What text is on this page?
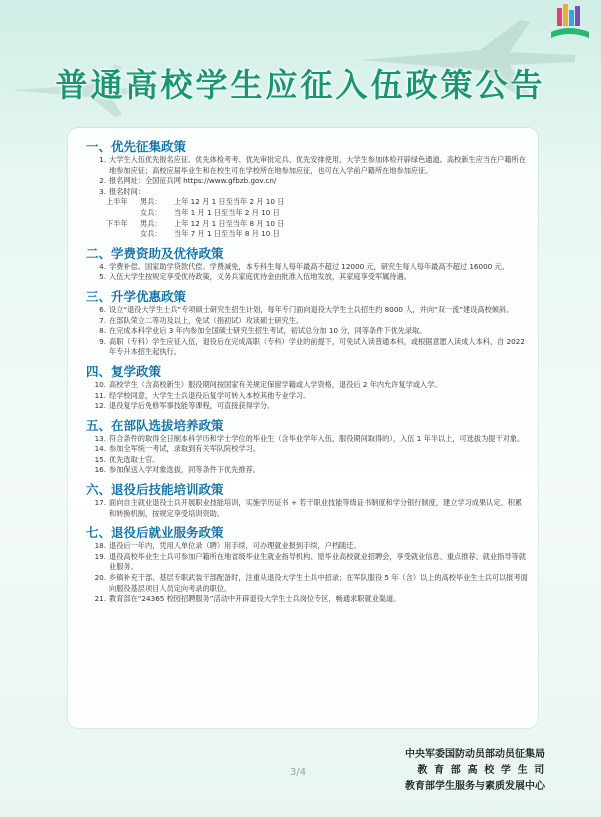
普通高校学生应征入伍政策公告
一、优先征集政策
1. 大学生入伍优先报名应征、优先体检考考、优先审批定兵、优先安排使用，大学生参加体检开辟绿色通道。高校新生应当在户籍所在地参加应征；高校应届毕业生和在校生可在学校所在地参加应征，也可在入学前户籍所在地参加应征。
2. 报名网址：全国征兵网 https://www.gfbzb.gov.cn/
3. 报名时间：
上半年	男兵：	上年 12 月 1 日至当年 2 月 10 日
女兵：	当年 1 月 1 日至当年 2 月 10 日
下半年	男兵：	上年 12 月 1 日至当年 8 月 10 日
女兵：	当年 7 月 1 日至当年 8 月 10 日
二、学费资助及优待政策
4. 学费补偿、国家助学贷款代偿、学费减免，本专科生每人每年最高不超过 12000 元，研究生每人每年最高不超过 16000 元。
5. 入伍大学生按规定享受优待政策，义务兵家庭优待金由批准入伍地发放，其家庭享受军属待遇。
三、升学优惠政策
6. 设立“退役大学生士兵”专项硕士研究生招生计划，每年专门面向退役大学生士兵招生约 8000 人，并向“双一流”建设高校倾斜。
7. 在部队荣立二等功及以上，免试（指初试）攻读硕士研究生。
8. 在完成本科学业后 3 年内参加全国硕士研究生招生考试，初试总分加 10 分，同等条件下优先录取。
9. 高职（专科）学生应征入伍，退役后在完成高职（专科）学业的前提下，可免试入读普通本科，或根据意愿入读成人本科，自 2022 年专升本招生起执行。
四、复学政策
10. 高校学生（含高校新生）服役期间按国家有关规定保留学籍或入学资格，退役后 2 年内允许复学或入学。
11. 经学校同意，大学生士兵退役后复学可转入本校其他专业学习。
12. 退役复学后免修军事技能等课程，可直接获得学分。
五、在部队选拔培养政策
13. 符合条件的取得全日制本科学历和学士学位的毕业生（含毕业学年入伍，服役期间取得的），入伍 1 年半以上，可选拔为提干对象。
14. 参加全军统一考试，录取到有关军队院校学习。
15. 优先选取士官。
16. 参加保送入学对象选拔，同等条件下优先推荐。
六、退役后技能培训政策
17. 面向自主就业退役士兵开展职业技能培训，实施学历证书 + 若干职业技能等级证书制度和学分银行制度，建立学习成果认定、积累和转换机制，按规定享受培训资助。
七、退役后就业服务政策
18. 退役后一年内，凭用人单位录（聘）用手续，可办理就业报到手续，户档随迁。
19. 退役高校毕业生士兵可参加户籍所在地省级毕业生就业指导机构、原毕业高校就业招聘会，享受就业信息、重点推荐、就业指导等就业服务。
20. 乡镇补充干部、基层专职武装干部配备时，注重从退役大学生士兵中招录；在军队服役 5 年（含）以上的高校毕业生士兵可以报考面向服役基层项目人员定向考录的职位。
21. 教育部在“24365 校园招聘服务”活动中开辟退役大学生士兵岗位专区，畅通求职就业渠道。
3/4
中央军委国防动员部动员征集局
教育部高校学生司
教育部学生服务与素质发展中心
